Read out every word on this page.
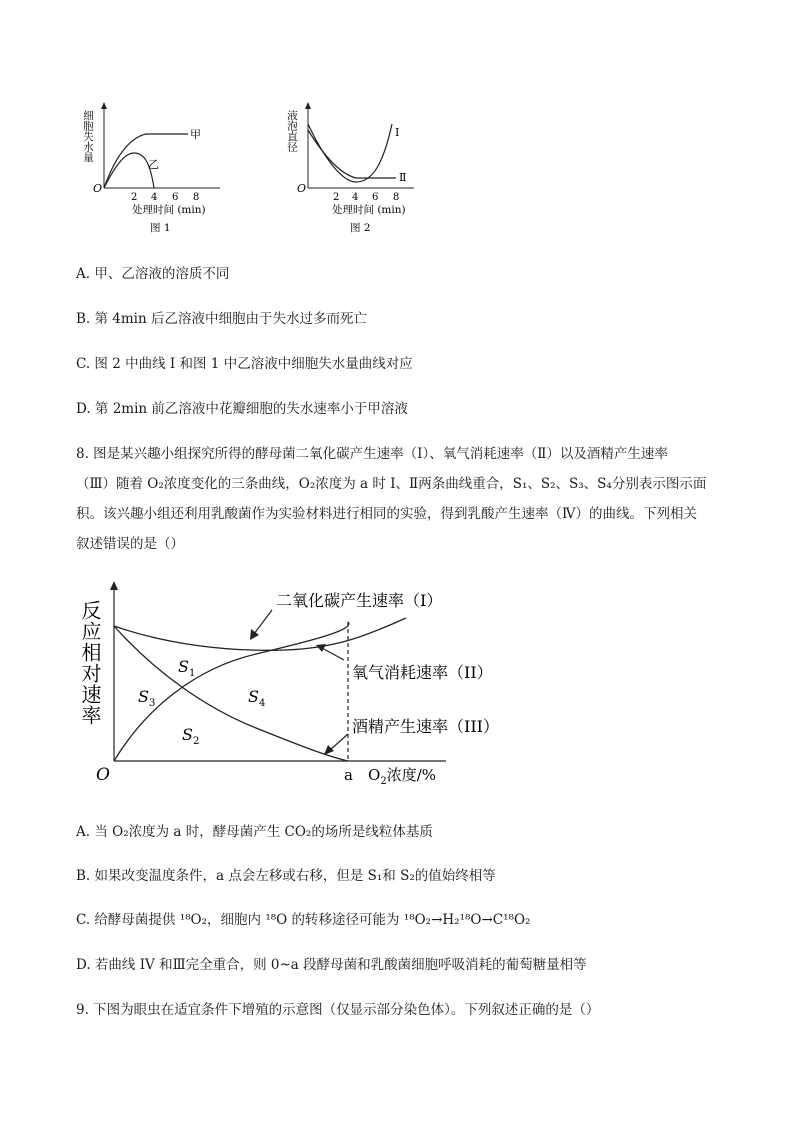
甲
乙
O
2 4 6 8
处理时间 (min)
图 1
细胞失水量	Ⅰ
Ⅱ
O
2 4 6 8
处理时间 (min)
图 2
液泡直径
A. 甲、乙溶液的溶质不同
B. 第 4min 后乙溶液中细胞由于失水过多而死亡
C. 图 2 中曲线 I 和图 1 中乙溶液中细胞失水量曲线对应
D. 第 2min 前乙溶液中花瓣细胞的失水速率小于甲溶液
8. 图是某兴趣小组探究所得的酵母菌二氧化碳产生速率（I）、氧气消耗速率（Ⅱ）以及酒精产生速率
（Ⅲ）随着 O₂浓度变化的三条曲线，O₂浓度为 a 时 I、Ⅱ两条曲线重合，S₁、S₂、S₃、S₄分别表示图示面
积。该兴趣小组还利用乳酸菌作为实验材料进行相同的实验，得到乳酸产生速率（Ⅳ）的曲线。下列相关
叙述错误的是（）
二氧化碳产生速率（I）
氧气消耗速率（II）
酒精产生速率（III）
$S_1$
$S_3$	$S_4$
$S_2$
O	a $O_2$浓度/%
反应相对速率
A. 当 O₂浓度为 a 时，酵母菌产生 CO₂的场所是线粒体基质
B. 如果改变温度条件，a 点会左移或右移，但是 S₁和 S₂的值始终相等
C. 给酵母菌提供 ¹⁸O₂，细胞内 ¹⁸O 的转移途径可能为 ¹⁸O₂→H₂¹⁸O→C¹⁸O₂
D. 若曲线 IV 和Ⅲ完全重合，则 0~a 段酵母菌和乳酸菌细胞呼吸消耗的葡萄糖量相等
9. 下图为眼虫在适宜条件下增殖的示意图（仅显示部分染色体）。下列叙述正确的是（）
